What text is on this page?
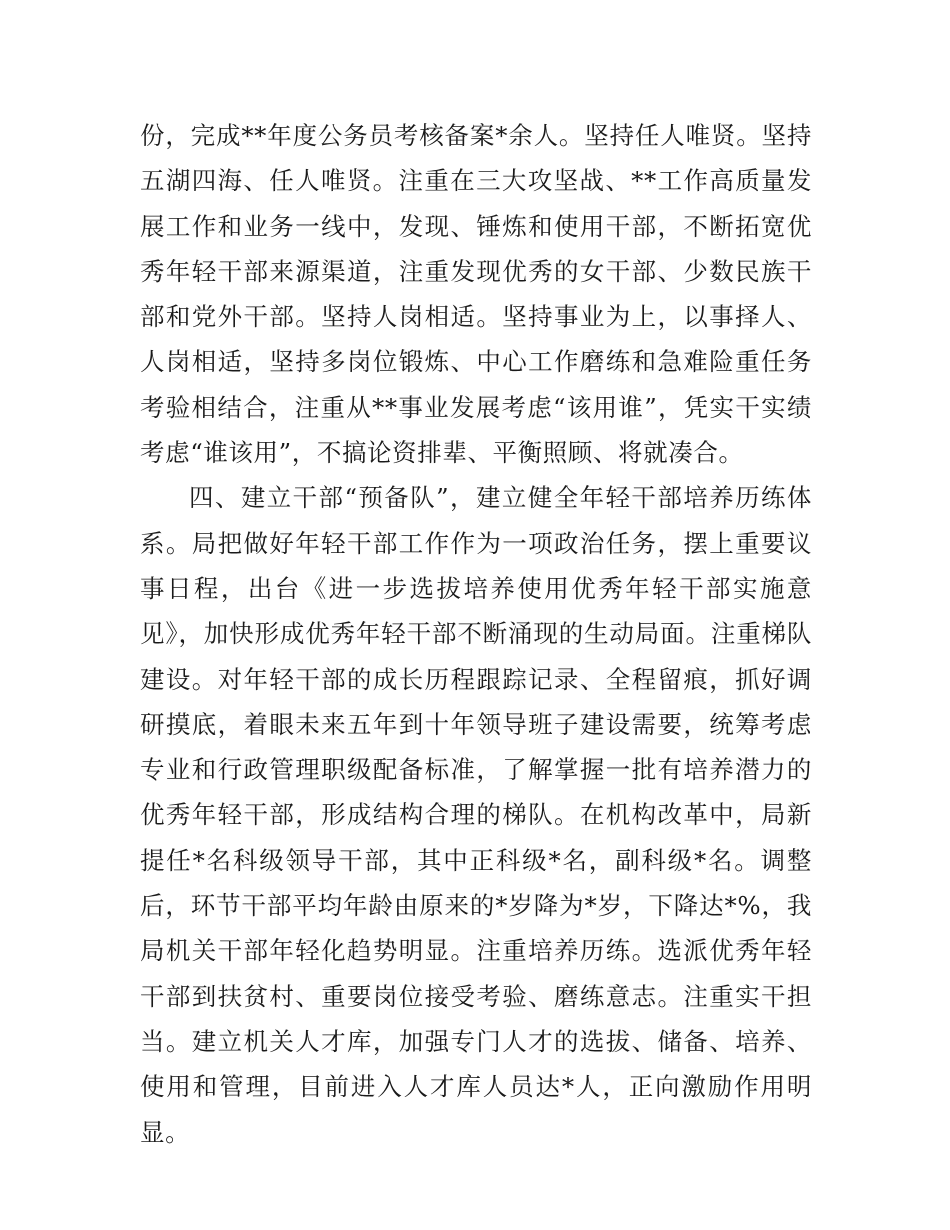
份，完成**年度公务员考核备案*余人。坚持任人唯贤。坚持五湖四海、任人唯贤。注重在三大攻坚战、**工作高质量发展工作和业务一线中，发现、锤炼和使用干部，不断拓宽优秀年轻干部来源渠道，注重发现优秀的女干部、少数民族干部和党外干部。坚持人岗相适。坚持事业为上，以事择人、人岗相适，坚持多岗位锻炼、中心工作磨练和急难险重任务考验相结合，注重从**事业发展考虑“该用谁”，凭实干实绩考虑“谁该用”，不搞论资排辈、平衡照顾、将就凑合。

四、建立干部“预备队”，建立健全年轻干部培养历练体系。局把做好年轻干部工作作为一项政治任务，摆上重要议事日程，出台《进一步选拔培养使用优秀年轻干部实施意见》，加快形成优秀年轻干部不断涌现的生动局面。注重梯队建设。对年轻干部的成长历程跟踪记录、全程留痕，抓好调研摸底，着眼未来五年到十年领导班子建设需要，统筹考虑专业和行政管理职级配备标准，了解掌握一批有培养潜力的优秀年轻干部，形成结构合理的梯队。在机构改革中，局新提任*名科级领导干部，其中正科级*名，副科级*名。调整后，环节干部平均年龄由原来的*岁降为*岁，下降达*%，我局机关干部年轻化趋势明显。注重培养历练。选派优秀年轻干部到扶贫村、重要岗位接受考验、磨练意志。注重实干担当。建立机关人才库，加强专门人才的选拔、储备、培养、使用和管理，目前进入人才库人员达*人，正向激励作用明显。
